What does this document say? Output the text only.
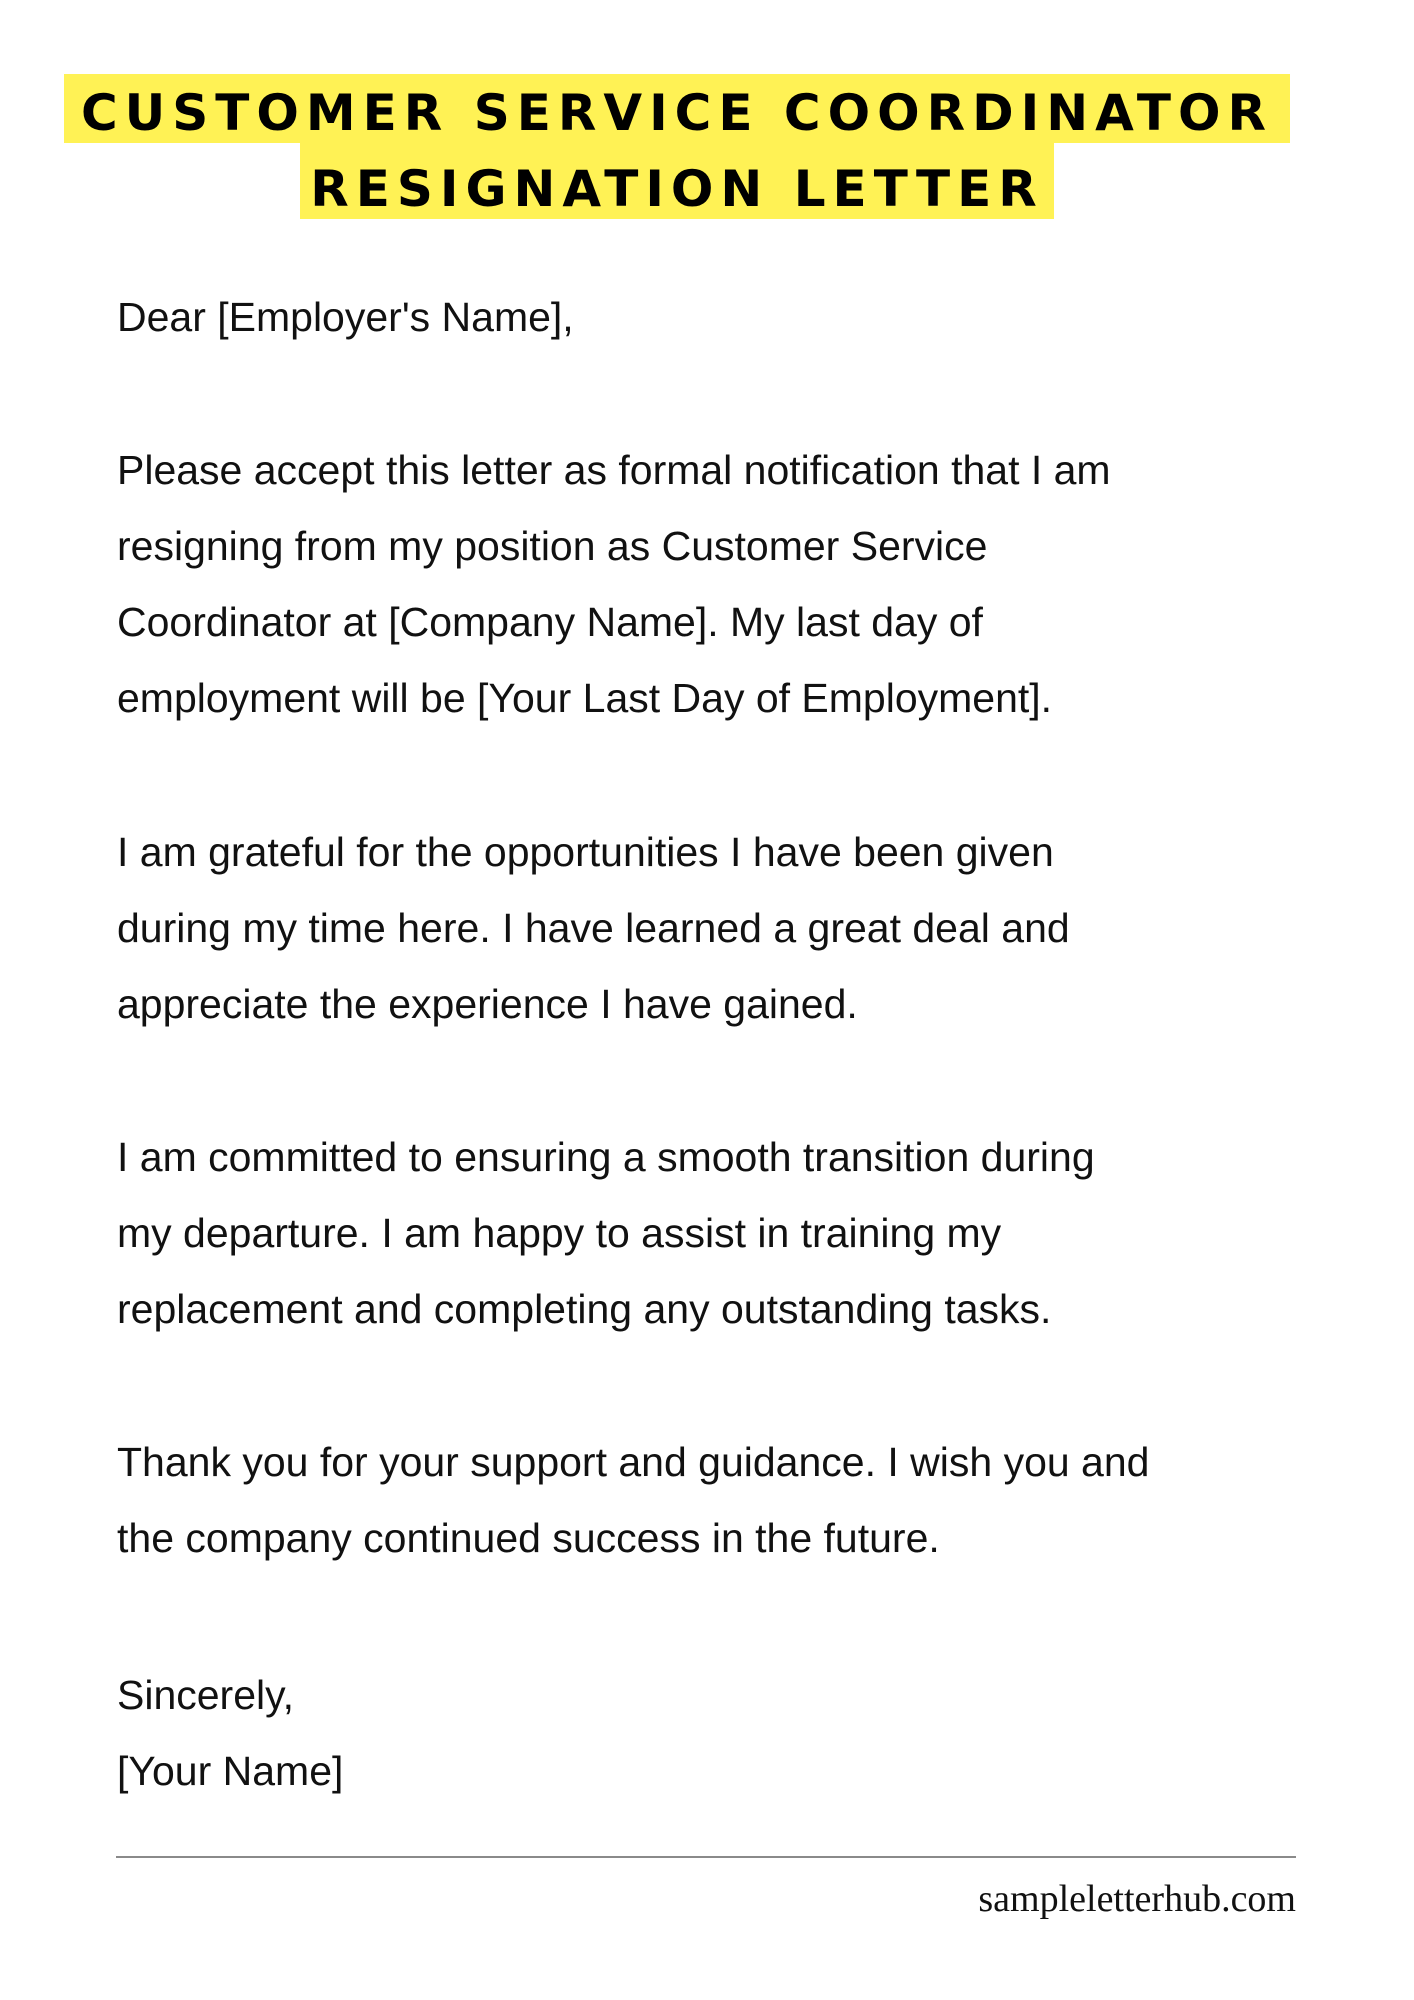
CUSTOMER SERVICE COORDINATOR
RESIGNATION LETTER
Dear [Employer's Name],
Please accept this letter as formal notification that I am
resigning from my position as Customer Service
Coordinator at [Company Name]. My last day of
employment will be [Your Last Day of Employment].
I am grateful for the opportunities I have been given
during my time here. I have learned a great deal and
appreciate the experience I have gained.
I am committed to ensuring a smooth transition during
my departure. I am happy to assist in training my
replacement and completing any outstanding tasks.
Thank you for your support and guidance. I wish you and
the company continued success in the future.
Sincerely,
[Your Name]
sampleletterhub.com
